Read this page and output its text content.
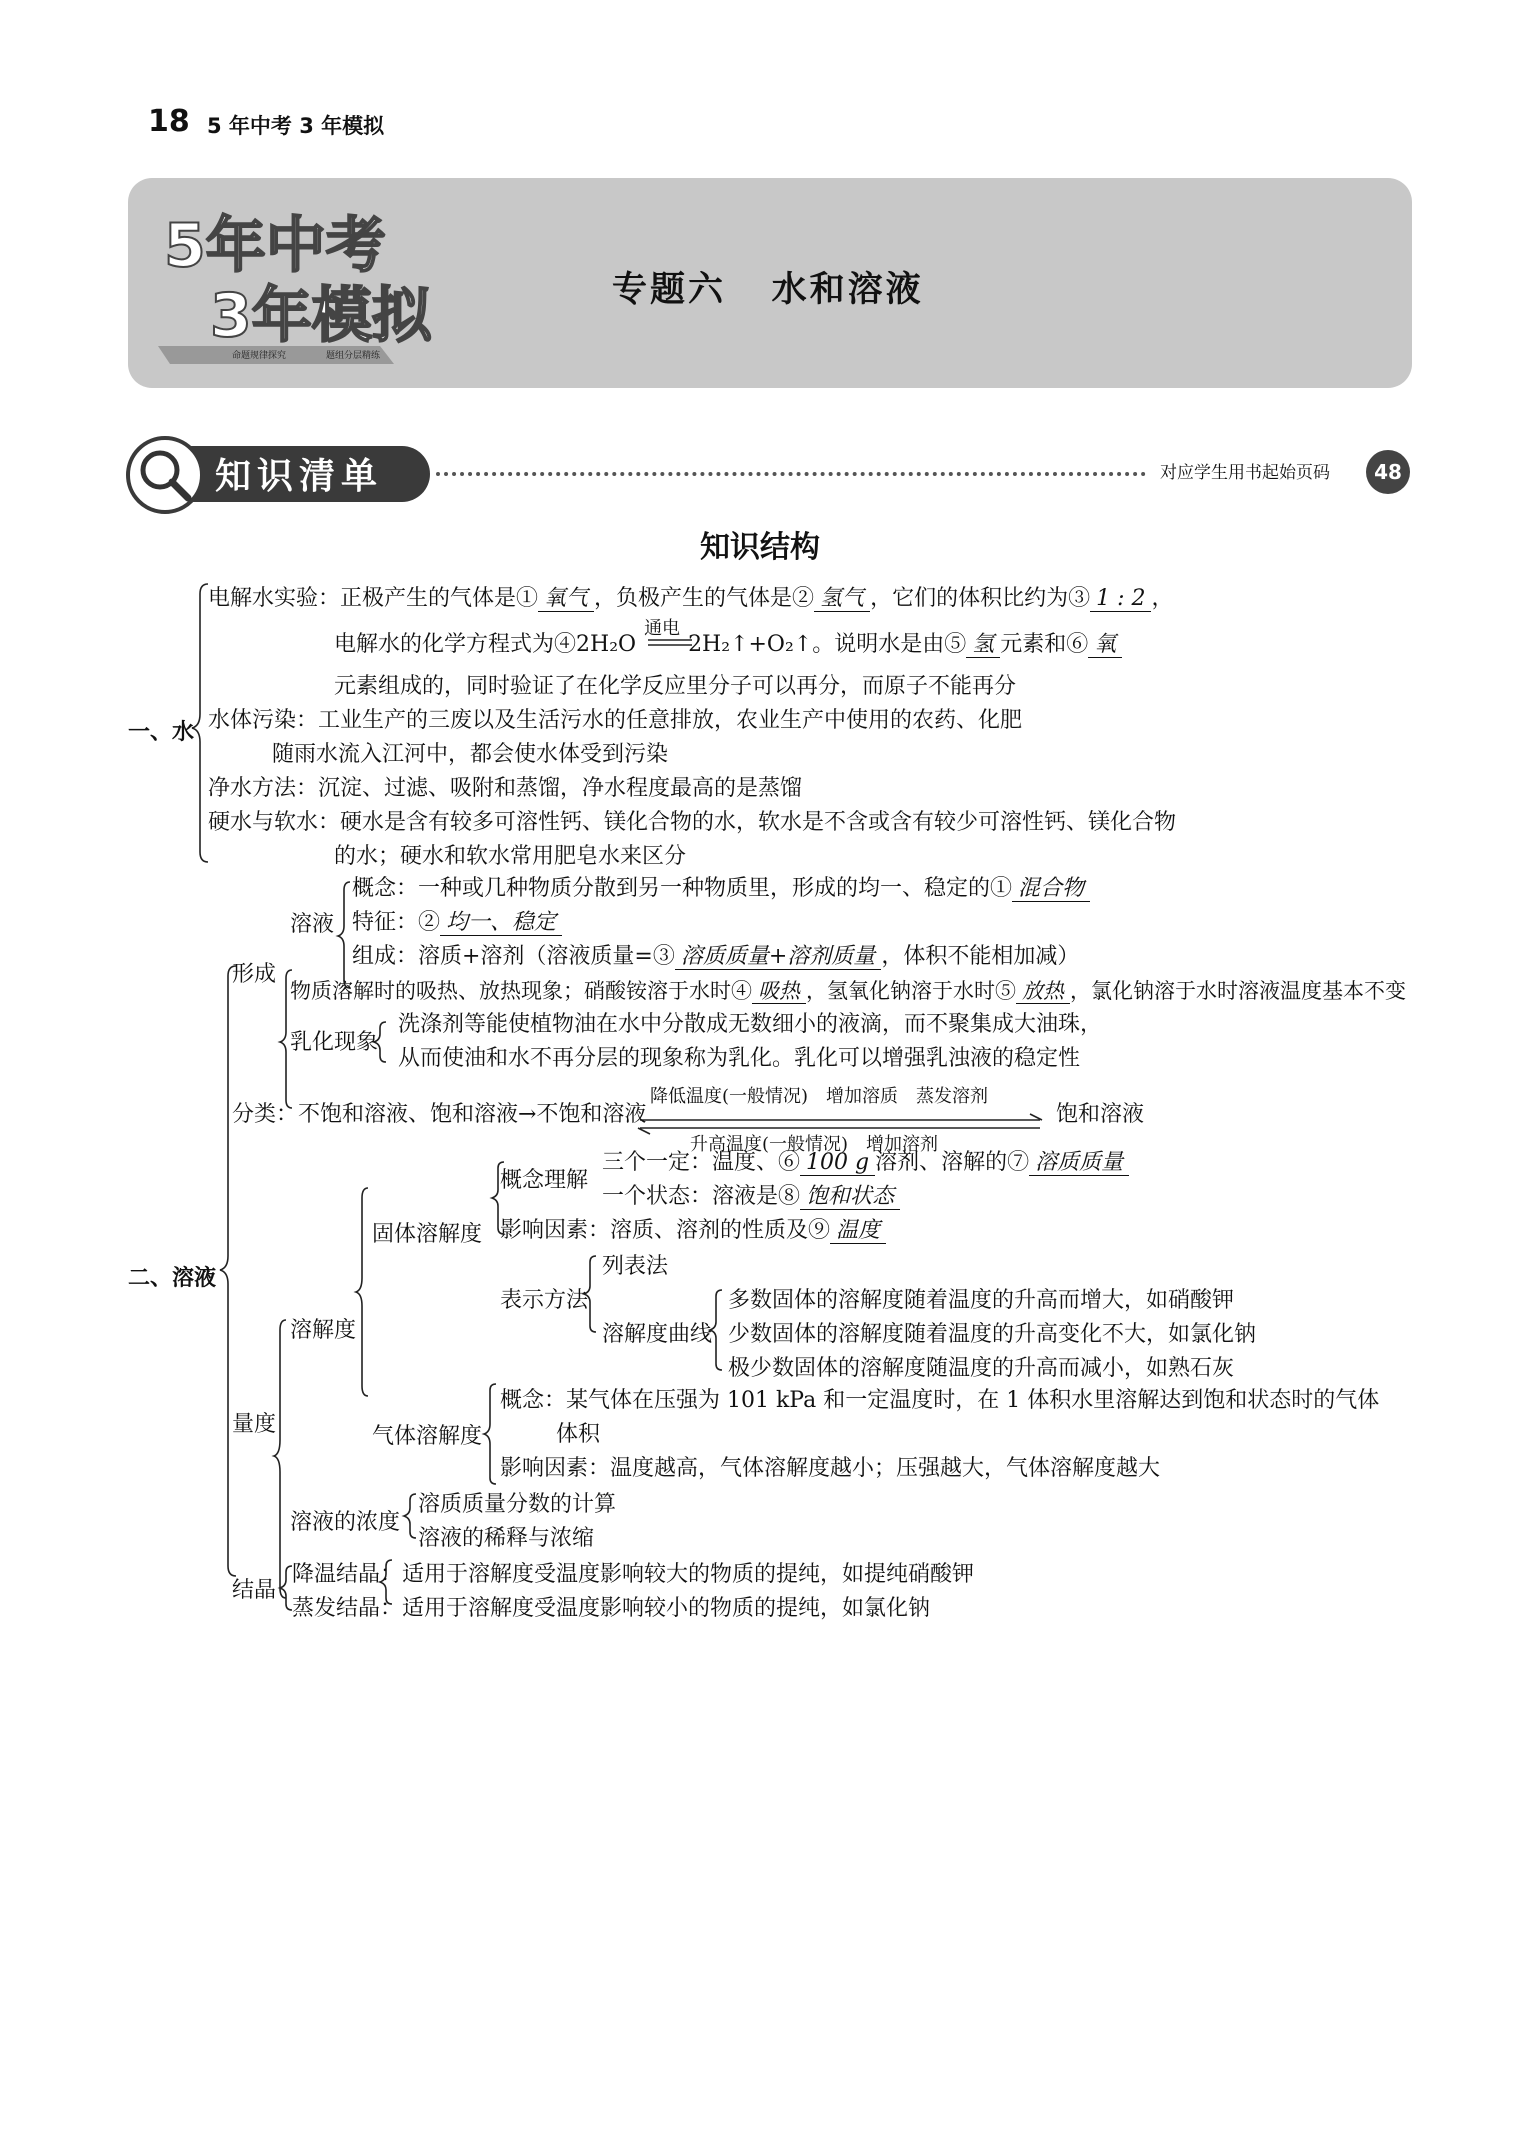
18 5 年中考 3 年模拟
5年中考
3年模拟
命题规律探究	题组分层精练
专题六 水和溶液
知识清单	对应学生用书起始页码	48
知识结构
一、水
电解水实验：正极产生的气体是① 氧气 ，负极产生的气体是② 氢气 ，它们的体积比约为③ 1 : 2 ，
电解水的化学方程式为④2H₂O
通电
2H₂↑+O₂↑。说明水是由⑤ 氢 元素和⑥ 氧
元素组成的，同时验证了在化学反应里分子可以再分，而原子不能再分
水体污染：工业生产的三废以及生活污水的任意排放，农业生产中使用的农药、化肥
随雨水流入江河中，都会使水体受到污染
净水方法：沉淀、过滤、吸附和蒸馏，净水程度最高的是蒸馏
硬水与软水：硬水是含有较多可溶性钙、镁化合物的水，软水是不含或含有较少可溶性钙、镁化合物
的水；硬水和软水常用肥皂水来区分
二、溶液
形成
溶液
概念：一种或几种物质分散到另一种物质里，形成的均一、稳定的① 混合物
特征：② 均一、稳定
组成：溶质+溶剂（溶液质量=③ 溶质质量+溶剂质量 ，体积不能相加减）
物质溶解时的吸热、放热现象；硝酸铵溶于水时④ 吸热 ，氢氧化钠溶于水时⑤ 放热 ，氯化钠溶于水时溶液温度基本不变
乳化现象
洗涤剂等能使植物油在水中分散成无数细小的液滴，而不聚集成大油珠，
从而使油和水不再分层的现象称为乳化。乳化可以增强乳浊液的稳定性
分类：不饱和溶液、饱和溶液→不饱和溶液
降低温度(一般情况)　增加溶质　蒸发溶剂
升高温度(一般情况)　增加溶剂
饱和溶液
量度
溶解度
固体溶解度
概念理解
三个一定：温度、⑥ 100 g 溶剂、溶解的⑦ 溶质质量
一个状态：溶液是⑧ 饱和状态
影响因素：溶质、溶剂的性质及⑨ 温度
表示方法
列表法
溶解度曲线
多数固体的溶解度随着温度的升高而增大，如硝酸钾
少数固体的溶解度随着温度的升高变化不大，如氯化钠
极少数固体的溶解度随温度的升高而减小，如熟石灰
气体溶解度
概念：某气体在压强为 101 kPa 和一定温度时，在 1 体积水里溶解达到饱和状态时的气体
体积
影响因素：温度越高，气体溶解度越小；压强越大，气体溶解度越大
溶液的浓度
溶质质量分数的计算
溶液的稀释与浓缩
结晶
降温结晶：适用于溶解度受温度影响较大的物质的提纯，如提纯硝酸钾
蒸发结晶：适用于溶解度受温度影响较小的物质的提纯，如氯化钠
